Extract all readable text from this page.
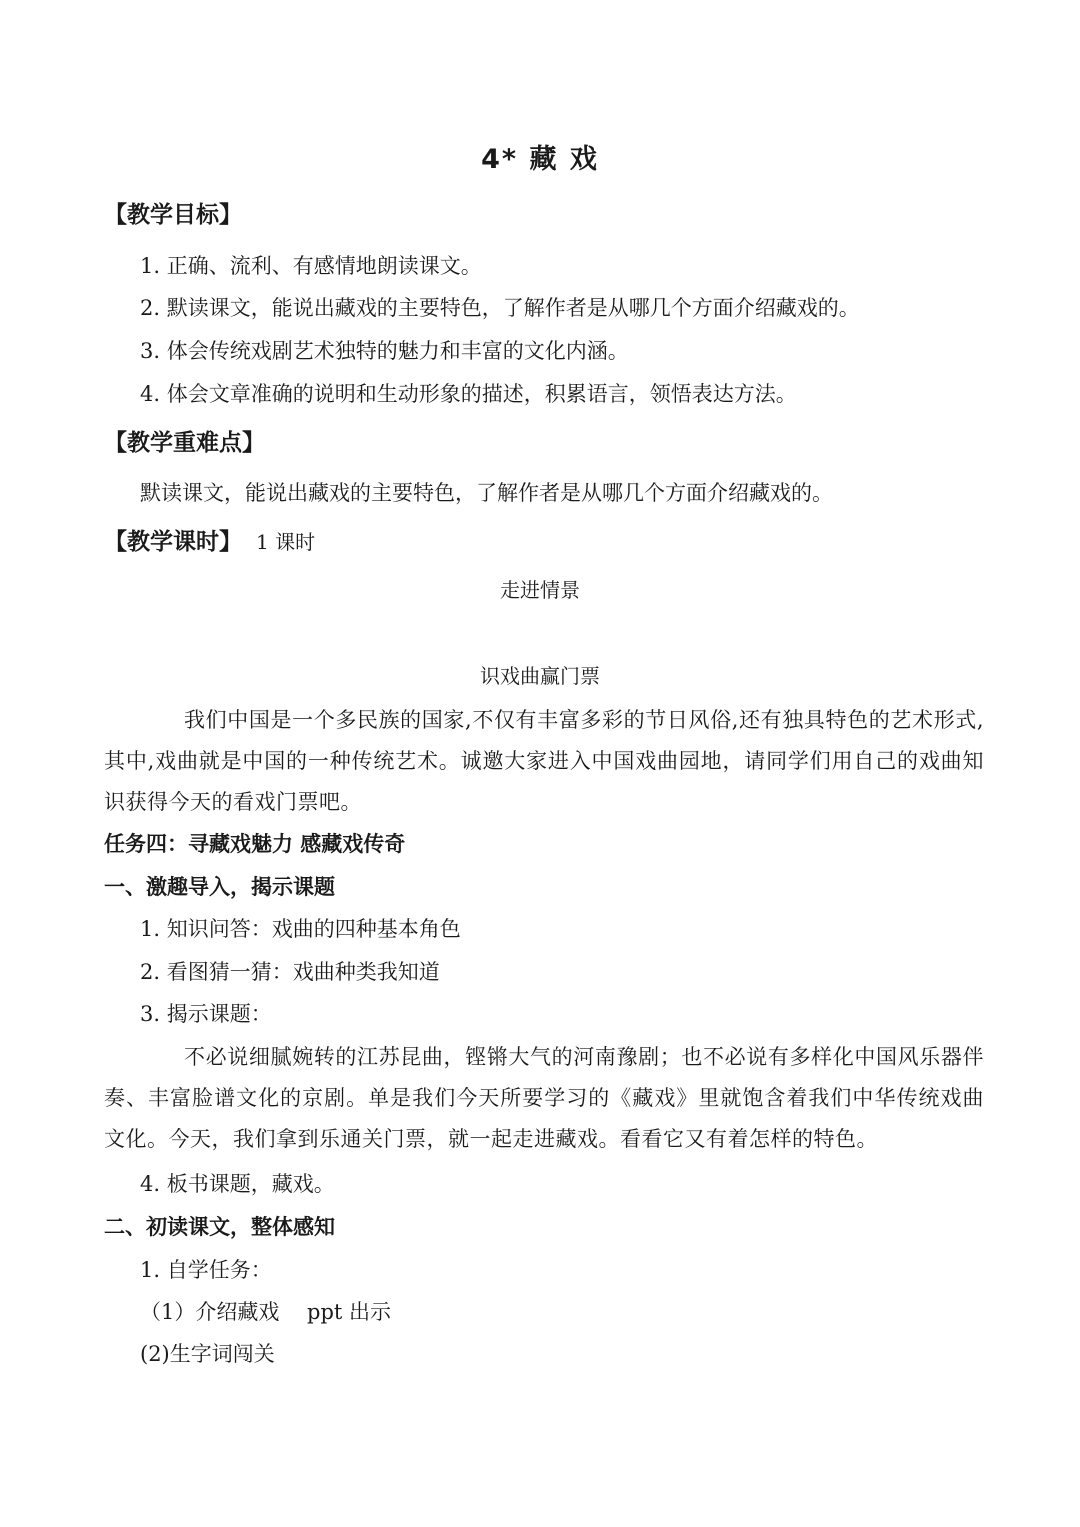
4* 藏 戏
【教学目标】
1. 正确、流利、有感情地朗读课文。
2. 默读课文，能说出藏戏的主要特色，了解作者是从哪几个方面介绍藏戏的。
3. 体会传统戏剧艺术独特的魅力和丰富的文化内涵。
4. 体会文章准确的说明和生动形象的描述，积累语言，领悟表达方法。
【教学重难点】
默读课文，能说出藏戏的主要特色，了解作者是从哪几个方面介绍藏戏的。
【教学课时】 1 课时
走进情景
识戏曲赢门票
我们中国是一个多民族的国家,不仅有丰富多彩的节日风俗,还有独具特色的艺术形式,其中,戏曲就是中国的一种传统艺术。诚邀大家进入中国戏曲园地，请同学们用自己的戏曲知识获得今天的看戏门票吧。
任务四：寻藏戏魅力 感藏戏传奇
一、激趣导入，揭示课题
1. 知识问答：戏曲的四种基本角色
2. 看图猜一猜：戏曲种类我知道
3. 揭示课题：
不必说细腻婉转的江苏昆曲，铿锵大气的河南豫剧；也不必说有多样化中国风乐器伴奏、丰富脸谱文化的京剧。单是我们今天所要学习的《藏戏》里就饱含着我们中华传统戏曲文化。今天，我们拿到乐通关门票，就一起走进藏戏。看看它又有着怎样的特色。
4. 板书课题，藏戏。
二、初读课文，整体感知
1. 自学任务：
（1）介绍藏戏　 ppt 出示
(2)生字词闯关
